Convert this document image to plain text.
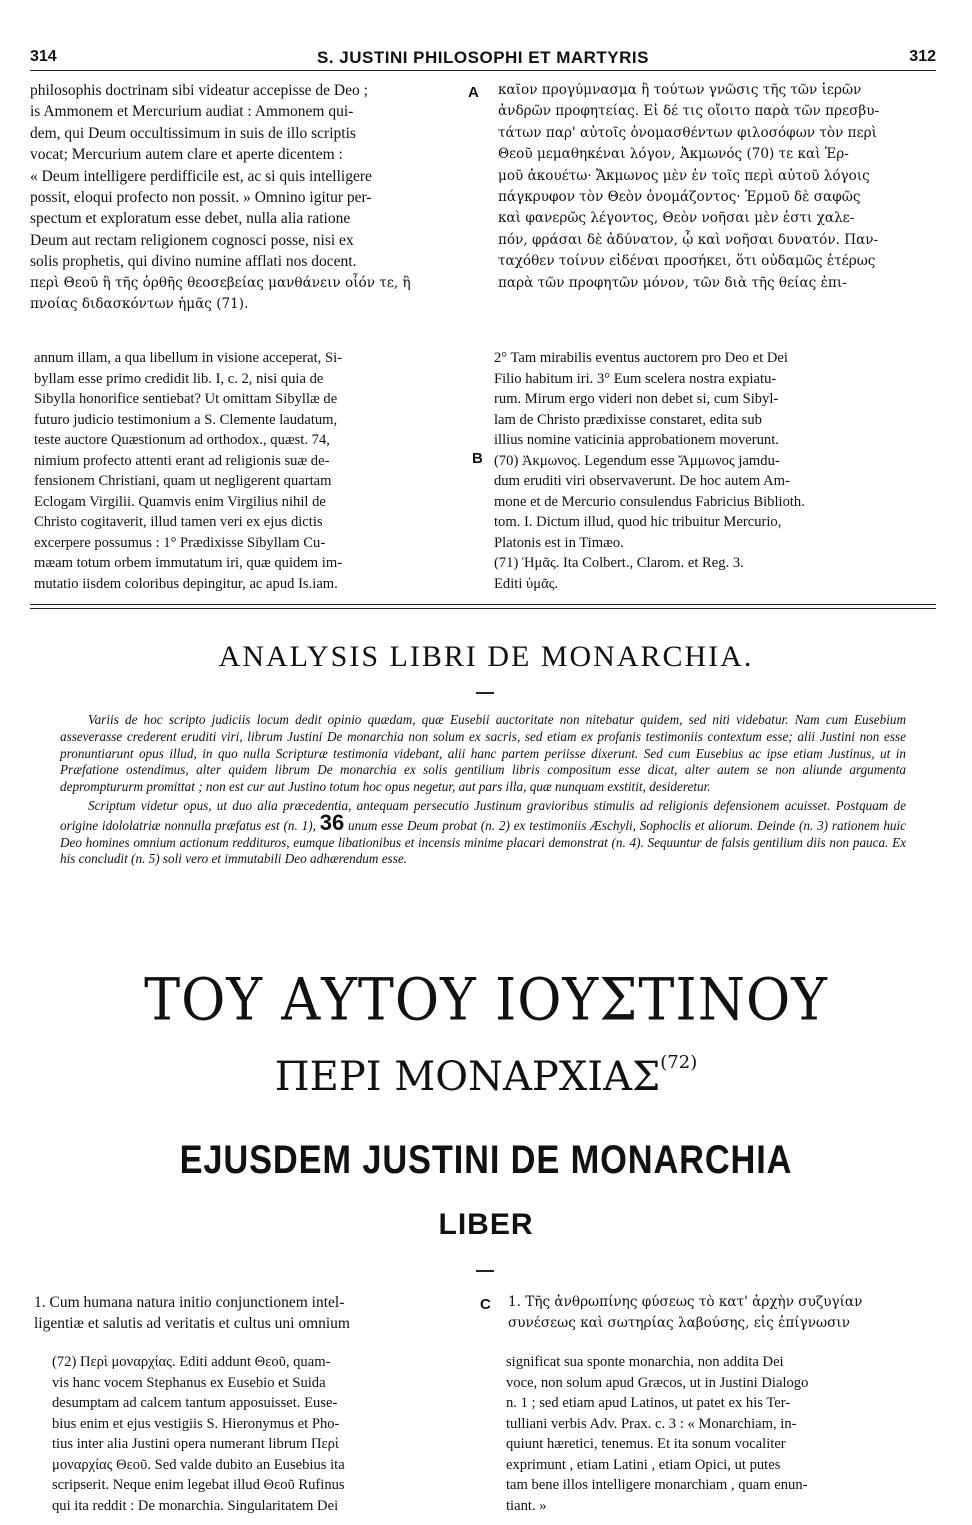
314	S. JUSTINI PHILOSOPHI ET MARTYRIS	312

philosophis doctrinam sibi videatur accepisse de Deo ;

is Ammonem et Mercurium audiat : Ammonem qui-

dem, qui Deum occultissimum in suis de illo scriptis

vocat; Mercurium autem clare et aperte dicentem :

« Deum intelligere perdifficile est, ac si quis intelligere

possit, eloqui profecto non possit. » Omnino igitur per-

spectum et exploratum esse debet, nulla alia ratione

Deum aut rectam religionem cognosci posse, nisi ex

solis prophetis, qui divino numine afflati nos docent.

περὶ Θεοῦ ἢ τῆς ὀρθῆς θεοσεβείας μανθάνειν οἷόν τε, ἢ

πνοίας διδασκόντων ἡμᾶς (71).

A καῖον προγύμνασμα ἢ τούτων γνῶσις τῆς τῶν ἱερῶν

ἀνδρῶν προφητείας. Εἰ δέ τις οἴοιτο παρὰ τῶν πρεσβυ-

τάτων παρ' αὐτοῖς ὀνομασθέντων φιλοσόφων τὸν περὶ

Θεοῦ μεμαθηκέναι λόγον, Ἀκμωνός (70) τε καὶ Ἑρ-

μοῦ ἀκουέτω· Ἄκμωνος μὲν ἐν τοῖς περὶ αὐτοῦ λόγοις

πάγκρυφον τὸν Θεὸν ὀνομάζοντος· Ἑρμοῦ δὲ σαφῶς

καὶ φανερῶς λέγοντος, Θεὸν νοῆσαι μὲν ἐστι χαλε-

πόν, φράσαι δὲ ἀδύνατον, ᾧ καὶ νοῆσαι δυνατόν. Παν-

ταχόθεν τοίνυν εἰδέναι προσήκει, ὅτι οὐδαμῶς ἑτέρως

παρὰ τῶν προφητῶν μόνον, τῶν διὰ τῆς θείας ἐπι-

annum illam, a qua libellum in visione acceperat, Si-

byllam esse primo credidit lib. I, c. 2, nisi quia de

Sibylla honorifice sentiebat? Ut omittam Sibyllæ de

futuro judicio testimonium a S. Clemente laudatum,

teste auctore Quæstionum ad orthodox., quæst. 74,

nimium profecto attenti erant ad religionis suæ de-

fensionem Christiani, quam ut negligerent quartam

Eclogam Virgilii. Quamvis enim Virgilius nihil de

Christo cogitaverit, illud tamen veri ex ejus dictis

excerpere possumus : 1° Prædixisse Sibyllam Cu-

mæam totum orbem immutatum iri, quæ quidem im-

mutatio iisdem coloribus depingitur, ac apud Is.iam.

B

2° Tam mirabilis eventus auctorem pro Deo et Dei

Filio habitum iri. 3° Eum scelera nostra expiatu-

rum. Mirum ergo videri non debet si, cum Sibyl-

lam de Christo prædixisse constaret, edita sub

illius nomine vaticinia approbationem moverunt.

(70) Ἀκμωνος. Legendum esse Ἄμμωνος jamdu-

dum eruditi viri observaverunt. De hoc autem Am-

mone et de Mercurio consulendus Fabricius Biblioth.

tom. I. Dictum illud, quod hic tribuitur Mercurio,

Platonis est in Timæo.

(71) Ἡμᾶς. Ita Colbert., Clarom. et Reg. 3.

Editi ὑμᾶς.

ANALYSIS LIBRI DE MONARCHIA.

Variis de hoc scripto judiciis locum dedit opinio quædam, quæ Eusebii auctoritate non nitebatur quidem, sed niti videbatur. Nam cum Eusebium asseverasse crederent eruditi viri, librum Justini De monarchia non solum ex sacris, sed etiam ex profanis testimoniis contextum esse; alii Justini non esse pronuntiarunt opus illud, in quo nulla Scripturæ testimonia videbant, alii hanc partem periisse dixerunt. Sed cum Eusebius ac ipse etiam Justinus, ut in Præfatione ostendimus, alter quidem librum De monarchia ex solis gentilium libris compositum esse dicat, alter autem se non aliunde argumenta depromptururm promittat ; non est cur aut Justino totum hoc opus negetur, aut pars illa, quæ nunquam exstitit, desideretur.

Scriptum videtur opus, ut duo alia præcedentia, antequam persecutio Justinum gravioribus stimulis ad religionis defensionem acuisset. Postquam de origine idololatriæ nonnulla præfatus est (n. 1), 36 unum esse Deum probat (n. 2) ex testimoniis Æschyli, Sophoclis et aliorum. Deinde (n. 3) rationem huic Deo homines omnium actionum reddituros, eumque libationibus et incensis minime placari demonstrat (n. 4). Sequuntur de falsis gentilium diis non pauca. Ex his concludit (n. 5) soli vero et immutabili Deo adhærendum esse.

ΤΟΥ ΑΥΤΟΥ ΙΟΥΣΤΙΝΟΥ
ΠΕΡΙ ΜΟΝΑΡΧΙΑΣ$^{(72)}$
EJUSDEM JUSTINI DE MONARCHIA
LIBER

1. Cum humana natura initio conjunctionem intel-

ligentiæ et salutis ad veritatis et cultus uni omnium

C 1. Τῆς ἀνθρωπίνης φύσεως τὸ κατ' ἀρχὴν συζυγίαν

συνέσεως καὶ σωτηρίας λαβούσης, εἰς ἐπίγνωσιν

(72) Περὶ μοναρχίας. Editi addunt Θεοῦ, quam-

vis hanc vocem Stephanus ex Eusebio et Suida

desumptam ad calcem tantum apposuisset. Euse-

bius enim et ejus vestigiis S. Hieronymus et Pho-

tius inter alia Justini opera numerant librum Περὶ

μοναρχίας Θεοῦ. Sed valde dubito an Eusebius ita

scripserit. Neque enim legebat illud Θεοῦ Rufinus

qui ita reddit : De monarchia. Singularitatem Dei

significat sua sponte monarchia, non addita Dei

voce, non solum apud Græcos, ut in Justini Dialogo

n. 1 ; sed etiam apud Latinos, ut patet ex his Ter-

tulliani verbis Adv. Prax. c. 3 : « Monarchiam, in-

quiunt hæretici, tenemus. Et ita sonum vocaliter

exprimunt , etiam Latini , etiam Opici, ut putes

tam bene illos intelligere monarchiam , quam enun-

tiant. »
